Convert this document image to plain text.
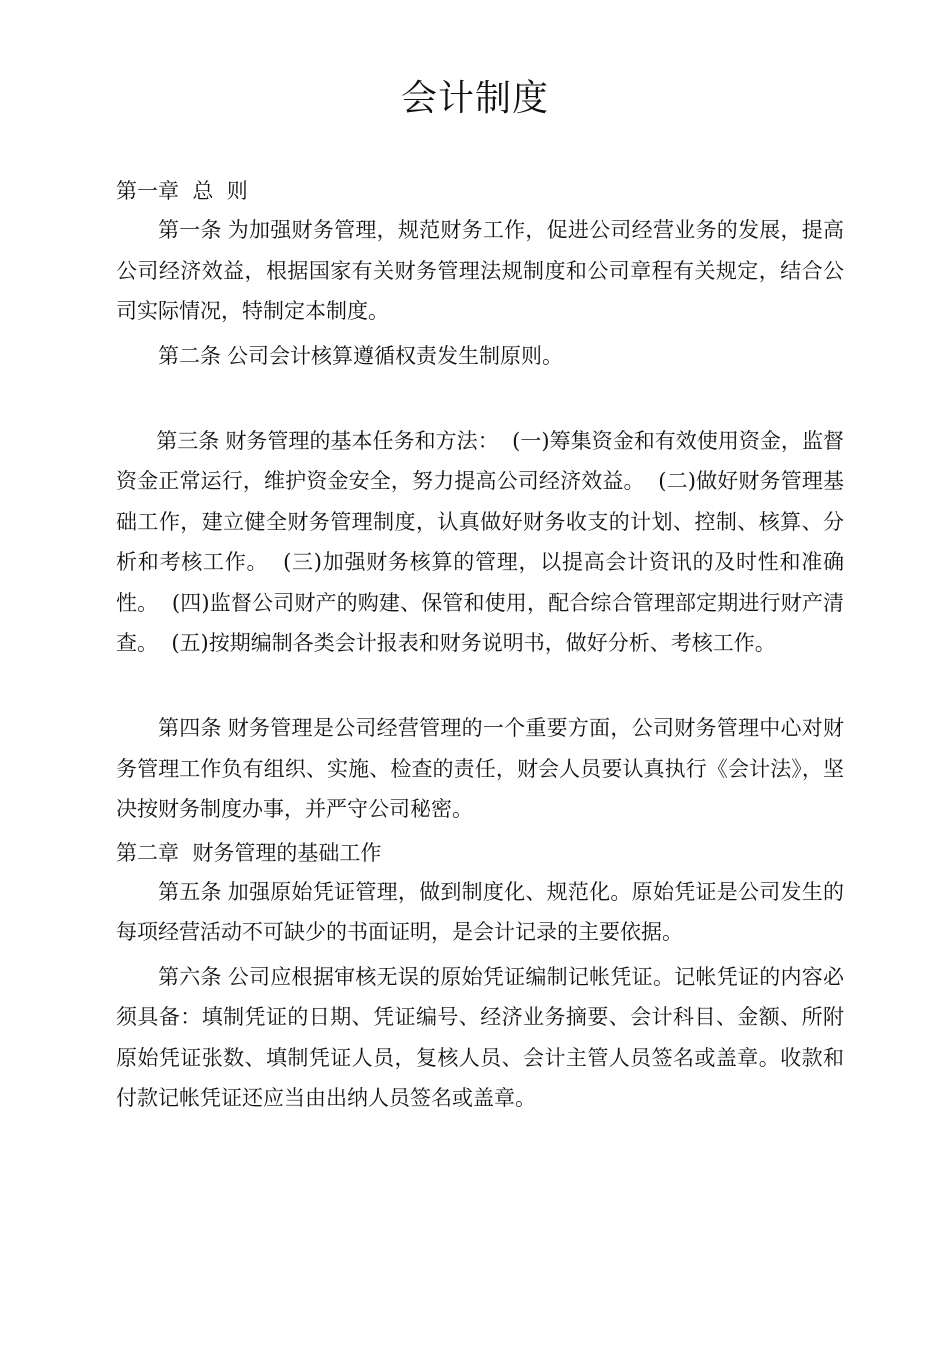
会计制度
第一章  总  则

第一条 为加强财务管理，规范财务工作，促进公司经营业务的发展，提高公司经济效益，根据国家有关财务管理法规制度和公司章程有关规定，结合公司实际情况，特制定本制度。

第二条 公司会计核算遵循权责发生制原则。

第三条 财务管理的基本任务和方法：  (一)筹集资金和有效使用资金，监督资金正常运行，维护资金安全，努力提高公司经济效益。  (二)做好财务管理基础工作，建立健全财务管理制度，认真做好财务收支的计划、控制、核算、分析和考核工作。  (三)加强财务核算的管理，以提高会计资讯的及时性和准确性。  (四)监督公司财产的购建、保管和使用，配合综合管理部定期进行财产清查。  (五)按期编制各类会计报表和财务说明书，做好分析、考核工作。

第四条 财务管理是公司经营管理的一个重要方面，公司财务管理中心对财务管理工作负有组织、实施、检查的责任，财会人员要认真执行《会计法》，坚决按财务制度办事，并严守公司秘密。

第二章  财务管理的基础工作

第五条 加强原始凭证管理，做到制度化、规范化。原始凭证是公司发生的每项经营活动不可缺少的书面证明，是会计记录的主要依据。

第六条 公司应根据审核无误的原始凭证编制记帐凭证。记帐凭证的内容必须具备：填制凭证的日期、凭证编号、经济业务摘要、会计科目、金额、所附原始凭证张数、填制凭证人员，复核人员、会计主管人员签名或盖章。收款和付款记帐凭证还应当由出纳人员签名或盖章。
